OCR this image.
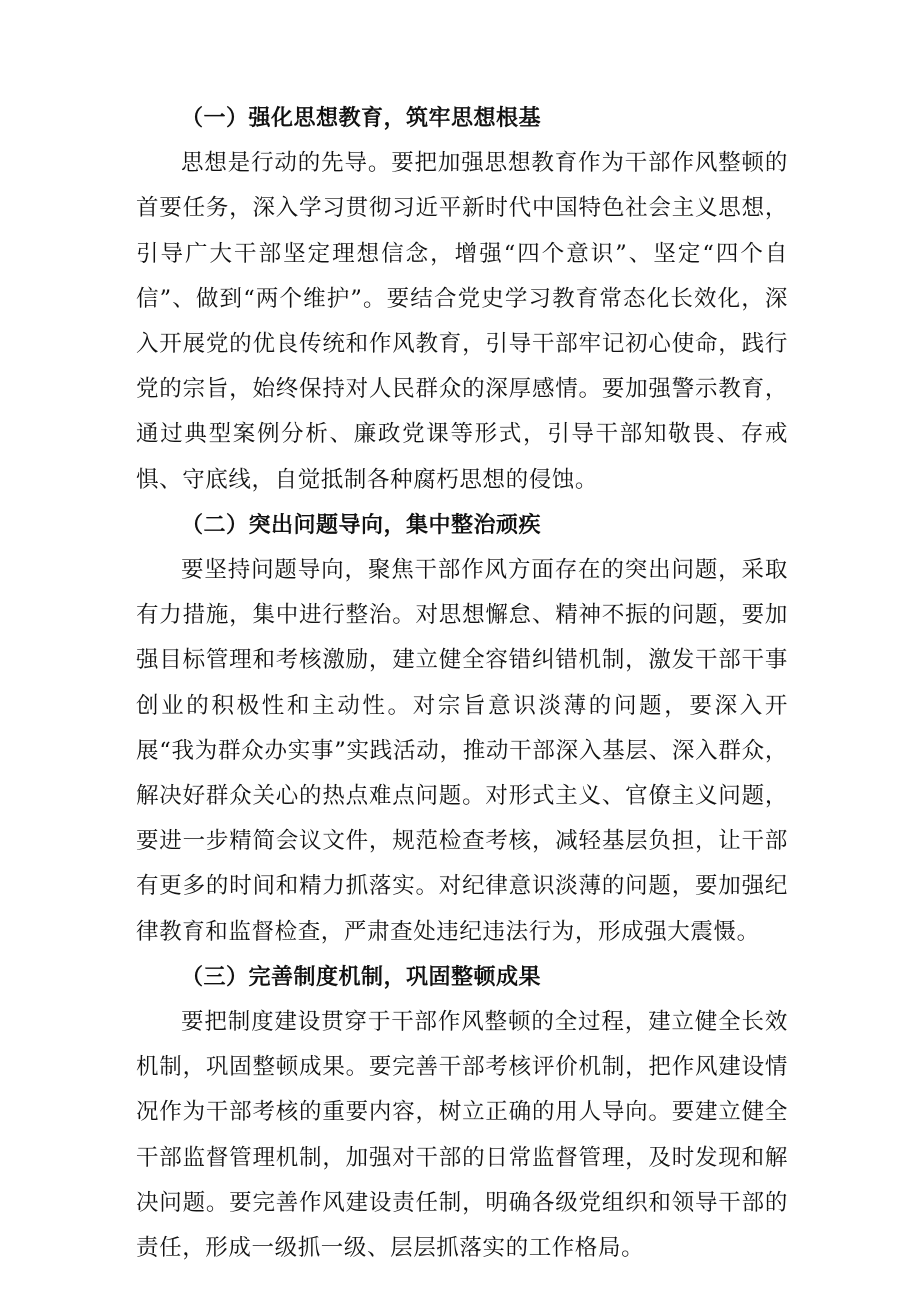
（一）强化思想教育，筑牢思想根基

思想是行动的先导。要把加强思想教育作为干部作风整顿的首要任务，深入学习贯彻习近平新时代中国特色社会主义思想，引导广大干部坚定理想信念，增强“四个意识”、坚定“四个自信”、做到“两个维护”。要结合党史学习教育常态化长效化，深入开展党的优良传统和作风教育，引导干部牢记初心使命，践行党的宗旨，始终保持对人民群众的深厚感情。要加强警示教育，通过典型案例分析、廉政党课等形式，引导干部知敬畏、存戒惧、守底线，自觉抵制各种腐朽思想的侵蚀。

（二）突出问题导向，集中整治顽疾

要坚持问题导向，聚焦干部作风方面存在的突出问题，采取有力措施，集中进行整治。对思想懈怠、精神不振的问题，要加强目标管理和考核激励，建立健全容错纠错机制，激发干部干事创业的积极性和主动性。对宗旨意识淡薄的问题，要深入开展“我为群众办实事”实践活动，推动干部深入基层、深入群众，解决好群众关心的热点难点问题。对形式主义、官僚主义问题，要进一步精简会议文件，规范检查考核，减轻基层负担，让干部有更多的时间和精力抓落实。对纪律意识淡薄的问题，要加强纪律教育和监督检查，严肃查处违纪违法行为，形成强大震慑。

（三）完善制度机制，巩固整顿成果

要把制度建设贯穿于干部作风整顿的全过程，建立健全长效机制，巩固整顿成果。要完善干部考核评价机制，把作风建设情况作为干部考核的重要内容，树立正确的用人导向。要建立健全干部监督管理机制，加强对干部的日常监督管理，及时发现和解决问题。要完善作风建设责任制，明确各级党组织和领导干部的责任，形成一级抓一级、层层抓落实的工作格局。
